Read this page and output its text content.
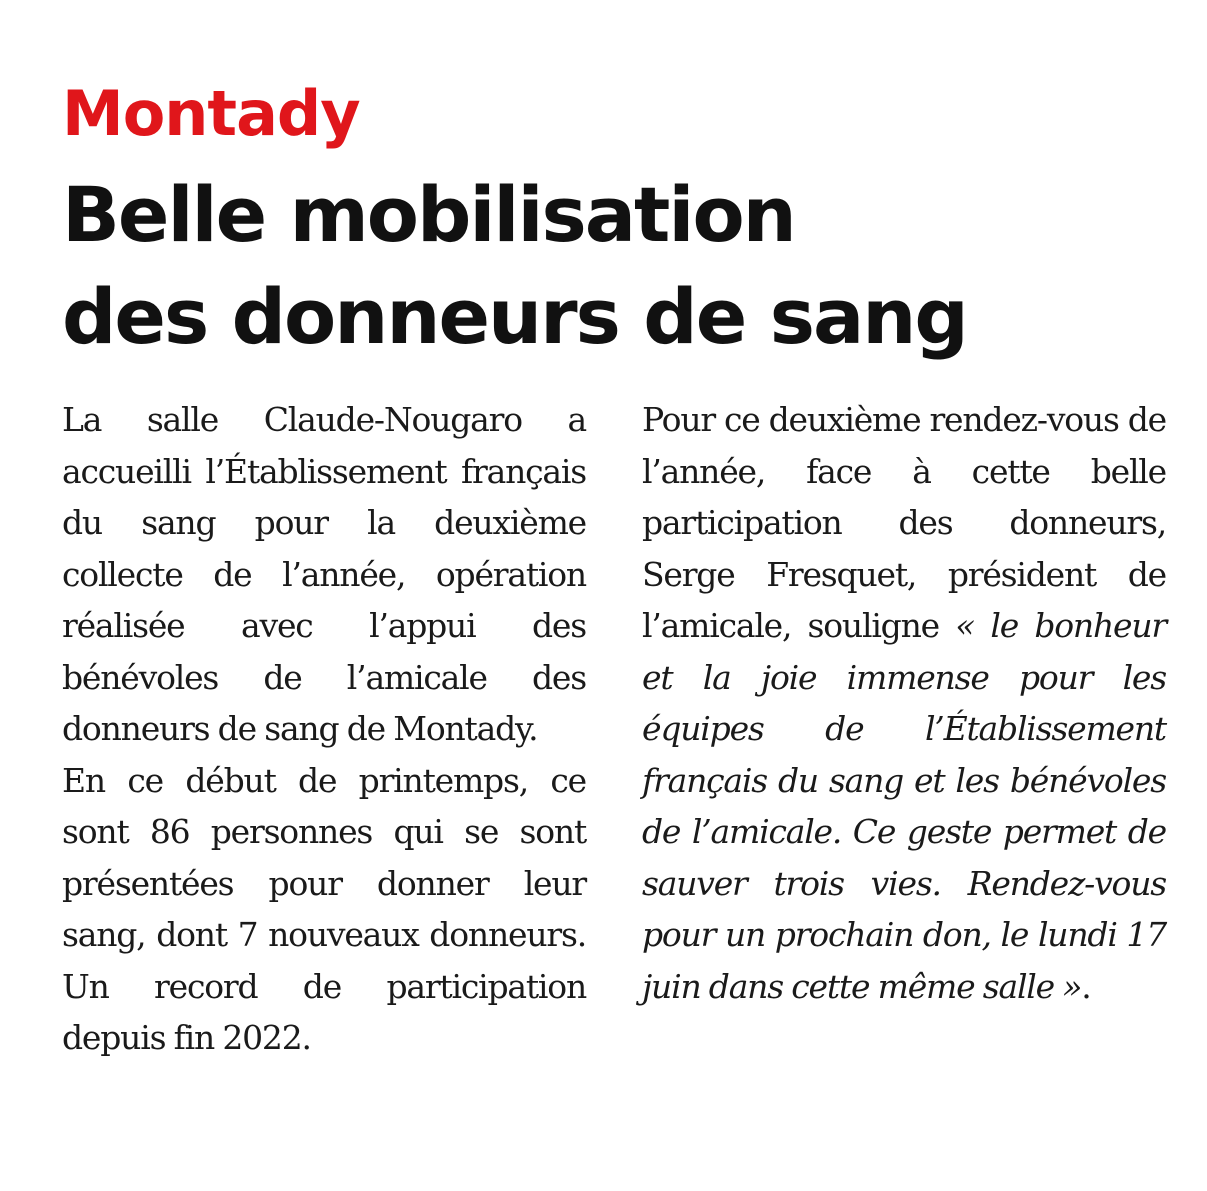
Montady
Belle mobilisation
des donneurs de sang

La salle Claude-Nougaro a accueilli l’Établissement français du sang pour la deuxième collecte de l’année, opération réalisée avec l’appui des bénévoles de l’amicale des donneurs de sang de Montady.

En ce début de printemps, ce sont 86 personnes qui se sont présentées pour donner leur sang, dont 7 nouveaux donneurs. Un record de participation depuis fin 2022.

Pour ce deuxième rendez-vous de l’année, face à cette belle participation des donneurs, Serge Fresquet, président de l’amicale, souligne « le bonheur et la joie immense pour les équipes de l’Établissement français du sang et les bénévoles de l’amicale. Ce geste permet de sauver trois vies. Rendez-vous pour un prochain don, le lundi 17 juin dans cette même salle ».
